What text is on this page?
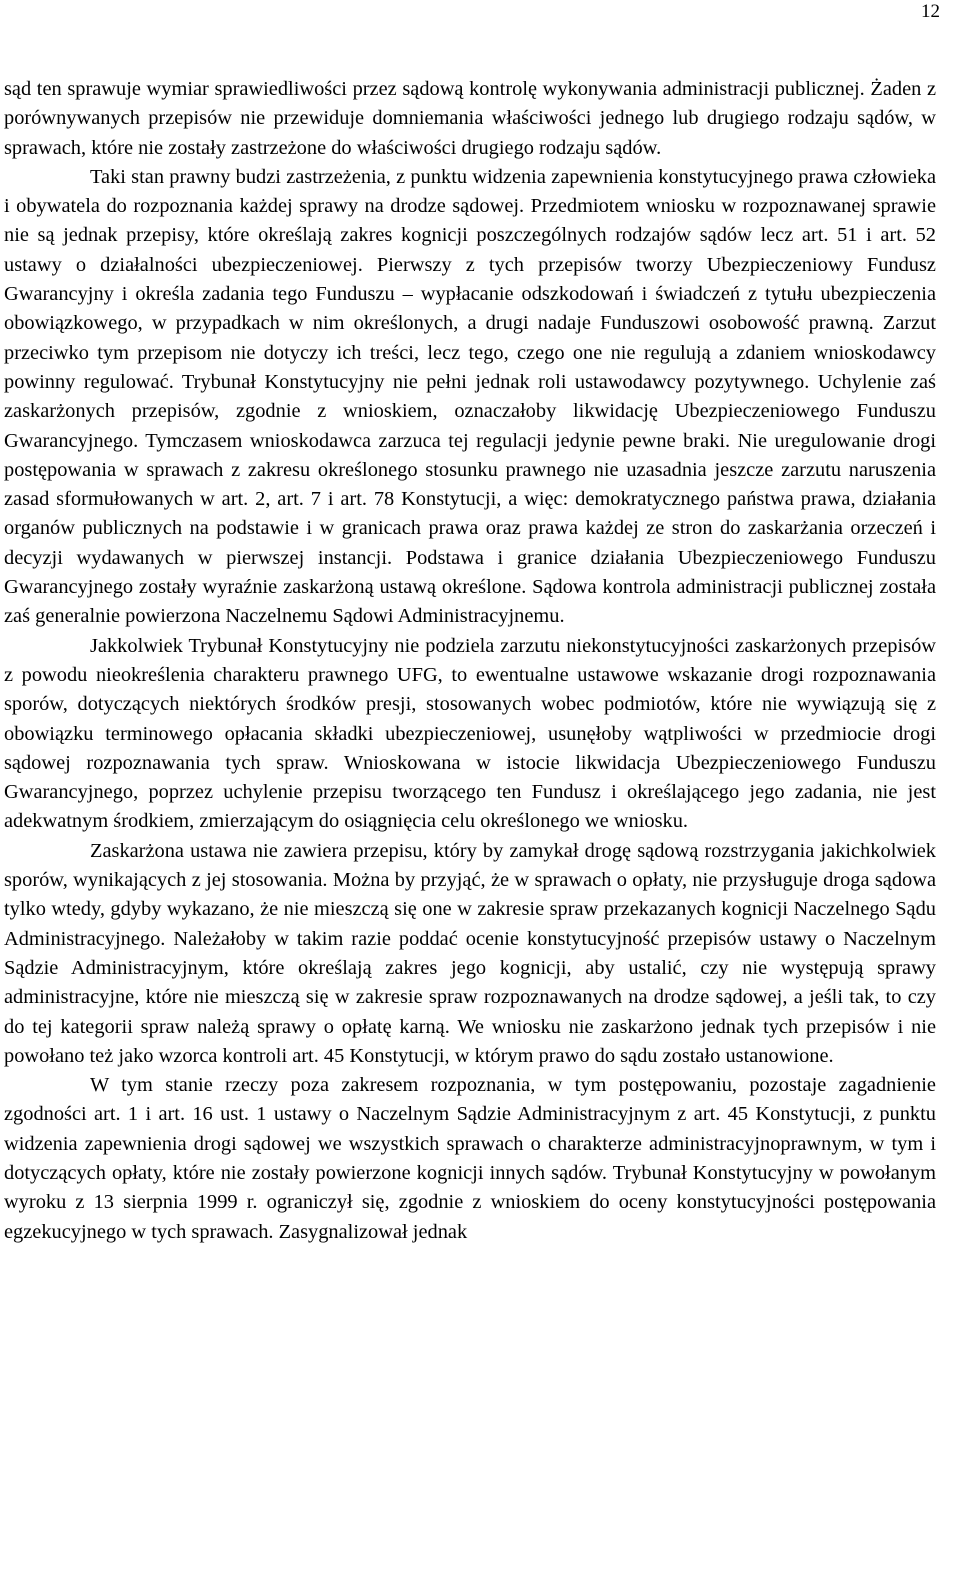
12

sąd ten sprawuje wymiar sprawiedliwości przez sądową kontrolę wykonywania administracji publicznej. Żaden z porównywanych przepisów nie przewiduje domniemania właściwości jednego lub drugiego rodzaju sądów, w sprawach, które nie zostały zastrzeżone do właściwości drugiego rodzaju sądów.

Taki stan prawny budzi zastrzeżenia, z punktu widzenia zapewnienia konstytucyjnego prawa człowieka i obywatela do rozpoznania każdej sprawy na drodze sądowej. Przedmiotem wniosku w rozpoznawanej sprawie nie są jednak przepisy, które określają zakres kognicji poszczególnych rodzajów sądów lecz art. 51 i art. 52 ustawy o działalności ubezpieczeniowej. Pierwszy z tych przepisów tworzy Ubezpieczeniowy Fundusz Gwarancyjny i określa zadania tego Funduszu – wypłacanie odszkodowań i świadczeń z tytułu ubezpieczenia obowiązkowego, w przypadkach w nim określonych, a drugi nadaje Funduszowi osobowość prawną. Zarzut przeciwko tym przepisom nie dotyczy ich treści, lecz tego, czego one nie regulują a zdaniem wnioskodawcy powinny regulować. Trybunał Konstytucyjny nie pełni jednak roli ustawodawcy pozytywnego. Uchylenie zaś zaskarżonych przepisów, zgodnie z wnioskiem, oznaczałoby likwidację Ubezpieczeniowego Funduszu Gwarancyjnego. Tymczasem wnioskodawca zarzuca tej regulacji jedynie pewne braki. Nie uregulowanie drogi postępowania w sprawach z zakresu określonego stosunku prawnego nie uzasadnia jeszcze zarzutu naruszenia zasad sformułowanych w art. 2, art. 7 i art. 78 Konstytucji, a więc: demokratycznego państwa prawa, działania organów publicznych na podstawie i w granicach prawa oraz prawa każdej ze stron do zaskarżania orzeczeń i decyzji wydawanych w pierwszej instancji. Podstawa i granice działania Ubezpieczeniowego Funduszu Gwarancyjnego zostały wyraźnie zaskarżoną ustawą określone. Sądowa kontrola administracji publicznej została zaś generalnie powierzona Naczelnemu Sądowi Administracyjnemu.

Jakkolwiek Trybunał Konstytucyjny nie podziela zarzutu niekonstytucyjności zaskarżonych przepisów z powodu nieokreślenia charakteru prawnego UFG, to ewentualne ustawowe wskazanie drogi rozpoznawania sporów, dotyczących niektórych środków presji, stosowanych wobec podmiotów, które nie wywiązują się z obowiązku terminowego opłacania składki ubezpieczeniowej, usunęłoby wątpliwości w przedmiocie drogi sądowej rozpoznawania tych spraw. Wnioskowana w istocie likwidacja Ubezpieczeniowego Funduszu Gwarancyjnego, poprzez uchylenie przepisu tworzącego ten Fundusz i określającego jego zadania, nie jest adekwatnym środkiem, zmierzającym do osiągnięcia celu określonego we wniosku.

Zaskarżona ustawa nie zawiera przepisu, który by zamykał drogę sądową rozstrzygania jakichkolwiek sporów, wynikających z jej stosowania. Można by przyjąć, że w sprawach o opłaty, nie przysługuje droga sądowa tylko wtedy, gdyby wykazano, że nie mieszczą się one w zakresie spraw przekazanych kognicji Naczelnego Sądu Administracyjnego. Należałoby w takim razie poddać ocenie konstytucyjność przepisów ustawy o Naczelnym Sądzie Administracyjnym, które określają zakres jego kognicji, aby ustalić, czy nie występują sprawy administracyjne, które nie mieszczą się w zakresie spraw rozpoznawanych na drodze sądowej, a jeśli tak, to czy do tej kategorii spraw należą sprawy o opłatę karną. We wniosku nie zaskarżono jednak tych przepisów i nie powołano też jako wzorca kontroli art. 45 Konstytucji, w którym prawo do sądu zostało ustanowione.

W tym stanie rzeczy poza zakresem rozpoznania, w tym postępowaniu, pozostaje zagadnienie zgodności art. 1 i art. 16 ust. 1 ustawy o Naczelnym Sądzie Administracyjnym z art. 45 Konstytucji, z punktu widzenia zapewnienia drogi sądowej we wszystkich sprawach o charakterze administracyjnoprawnym, w tym i dotyczących opłaty, które nie zostały powierzone kognicji innych sądów. Trybunał Konstytucyjny w powołanym wyroku z 13 sierpnia 1999 r. ograniczył się, zgodnie z wnioskiem do oceny konstytucyjności postępowania egzekucyjnego w tych sprawach. Zasygnalizował jednak
